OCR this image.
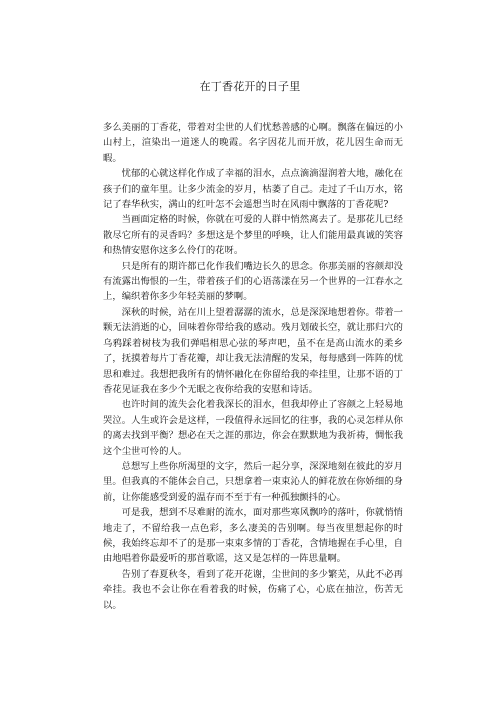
在丁香花开的日子里

多么美丽的丁香花，带着对尘世的人们忧愁善感的心啊。飘落在偏远的小山村上，渲染出一道迷人的晚霞。名字因花儿而开放，花儿因生命而无暇。

忧郁的心就这样化作成了幸福的泪水，点点滴滴湿润着大地，融化在孩子们的童年里。让多少流金的岁月，枯萎了自己。走过了千山万水，铭记了春华秋实，满山的红叶怎不会遥想当时在风雨中飘落的丁香花呢?

当画面定格的时候，你就在可爱的人群中悄然离去了。是那花儿已经散尽它所有的灵香吗？多想这是个梦里的呼唤，让人们能用最真诚的笑容和热情安慰你这多么伶仃的花呀。

只是所有的期许都已化作我们嘴边长久的思念。你那美丽的容颜却没有流露出悔恨的一生，带着孩子们的心语荡漾在另一个世界的一江春水之上，编织着你多少年轻美丽的梦啊。

深秋的时候，站在川上望着潺潺的流水，总是深深地想着你。带着一颗无法消逝的心，回味着你带给我的感动。残月划破长空，就让那归穴的乌鸦踩着树枝为我们弹唱相思心弦的琴声吧，虽不在是高山流水的柔乡了，抚摸着每片丁香花瓣，却让我无法清醒的发呆，每每感到一阵阵的忧思和难过。我想把我所有的情怀融化在你留给我的牵挂里，让那不语的丁香花见证我在多少个无眠之夜你给我的安慰和诗话。

也许时间的流失会化着我深长的泪水，但我却停止了容颜之上轻易地哭泣。人生或许会是这样，一段值得永远回忆的往事，我的心灵怎样从你的离去找到平衡？想必在天之涯的那边，你会在默默地为我祈祷，惆怅我这个尘世可怜的人。

总想写上些你所渴望的文字，然后一起分享，深深地刻在彼此的岁月里。但我真的不能体会自己，只想拿着一束束沁人的鲜花放在你娇细的身前，让你能感受到爱的温存而不至于有一种孤独颤抖的心。

可是我，想到不尽难耐的流水，面对那些寒风飘吟的落叶，你就悄悄地走了，不留给我一点色彩，多么凄美的告别啊。每当夜里想起你的时候，我始终忘却不了的是那一束束多情的丁香花，含情地握在手心里，自由地唱着你最爱听的那首歌谣，这又是怎样的一阵思量啊。

告别了春夏秋冬，看到了花开花谢，尘世间的多少繁芜，从此不必再牵挂。我也不会让你在看着我的时候，伤痛了心，心底在抽泣，伤苦无以。
